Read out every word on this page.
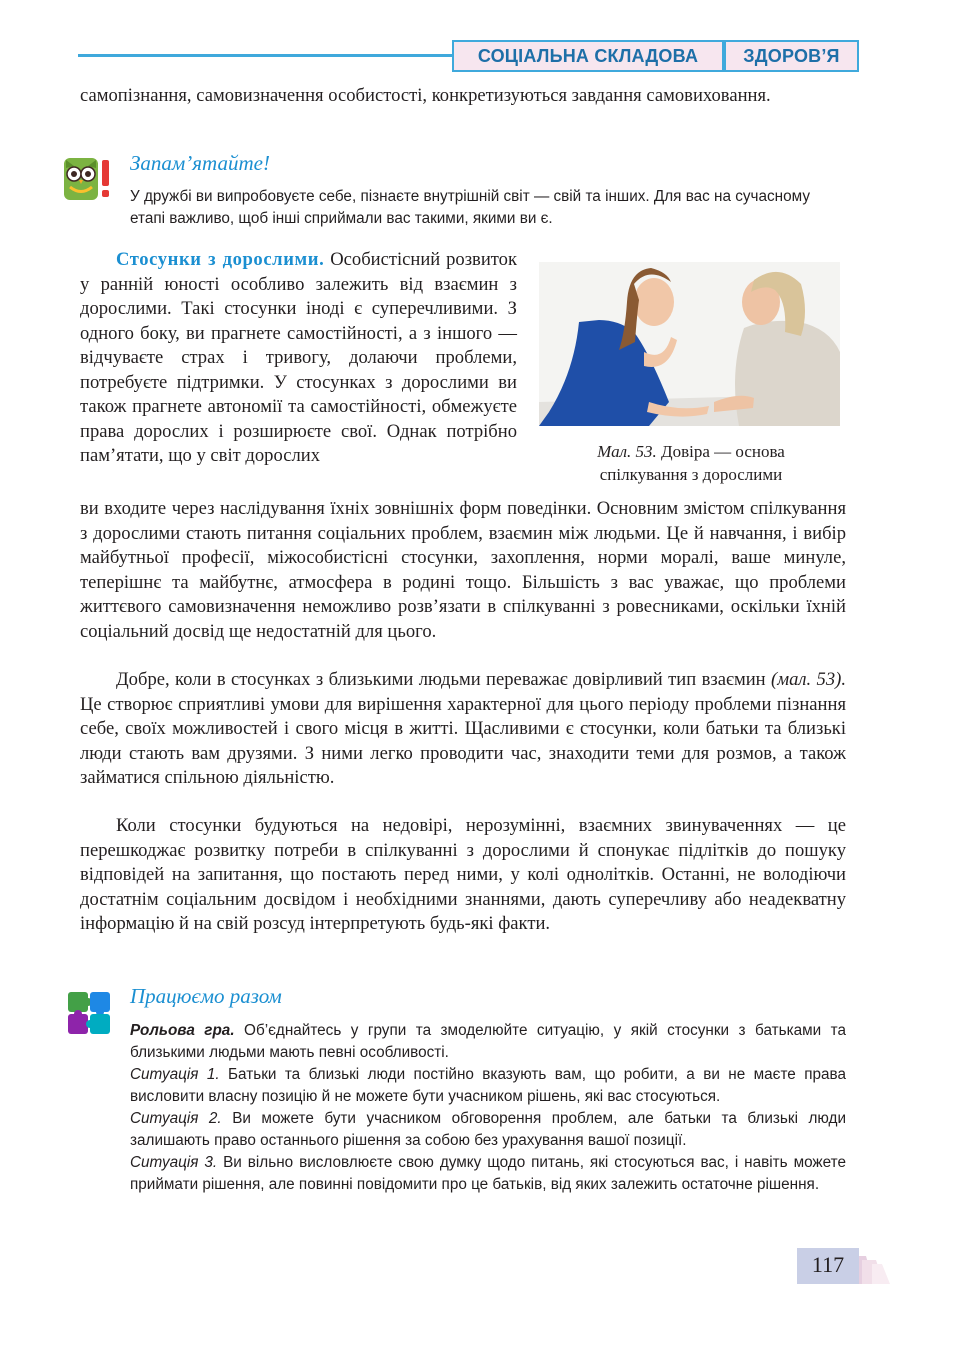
СОЦІАЛЬНА СКЛАДОВА	ЗДОРОВ’Я
самопізнання, самовизначення особистості, конкретизуються завдання самовиховання.
Запам’ятайте!
У дружбі ви випробовуєте себе, пізнаєте внутрішній світ — свій та інших. Для вас на сучасному етапі важливо, щоб інші сприймали вас такими, якими ви є.
Стосунки з дорослими. Особистісний розвиток у ранній юності особливо залежить від взаємин з дорослими. Такі стосунки іноді є суперечливими. З одного боку, ви прагнете самостійності, а з іншого — відчуваєте страх і тривогу, долаючи проблеми, потребуєте підтримки. У стосунках з дорослими ви також прагнете автономії та самостійності, обмежуєте права дорослих і розширюєте свої. Однак потрібно пам’ятати, що у світ дорослих	Мал. 53. Довіра — основа спілкування з дорослими
ви входите через наслідування їхніх зовнішніх форм поведінки. Основним змістом спілкування з дорослими стають питання соціальних проблем, взаємин між людьми. Це й навчання, і вибір майбутньої професії, міжособистісні стосунки, захоплення, норми моралі, ваше минуле, теперішнє та майбутнє, атмосфера в родині тощо. Більшість з вас уважає, що проблеми життєвого самовизначення неможливо розв’язати в спілкуванні з ровесниками, оскільки їхній соціальний досвід ще недостатній для цього.
Добре, коли в стосунках з близькими людьми переважає довірливий тип взаємин (мал. 53). Це створює сприятливі умови для вирішення характерної для цього періоду проблеми пізнання себе, своїх можливостей і свого місця в житті. Щасливими є стосунки, коли батьки та близькі люди стають вам друзями. З ними легко проводити час, знаходити теми для розмов, а також займатися спільною діяльністю.
Коли стосунки будуються на недовірі, нерозумінні, взаємних звинуваченнях — це перешкоджає розвитку потреби в спілкуванні з дорослими й спонукає підлітків до пошуку відповідей на запитання, що постають перед ними, у колі однолітків. Останні, не володіючи достатнім соціальним досвідом і необхідними знаннями, дають суперечливу або неадекватну інформацію й на свій розсуд інтерпретують будь-які факти.
Працюємо разом

Рольова гра. Об’єднайтесь у групи та змоделюйте ситуацію, у якій стосунки з батьками та близькими людьми мають певні особливості.

Ситуація 1. Батьки та близькі люди постійно вказують вам, що робити, а ви не маєте права висловити власну позицію й не можете бути учасником рішень, які вас стосуються.

Ситуація 2. Ви можете бути учасником обговорення проблем, але батьки та близькі люди залишають право останнього рішення за собою без урахування вашої позиції.

Ситуація 3. Ви вільно висловлюєте свою думку щодо питань, які стосуються вас, і навіть можете приймати рішення, але повинні повідомити про це батьків, від яких залежить остаточне рішення.

117
